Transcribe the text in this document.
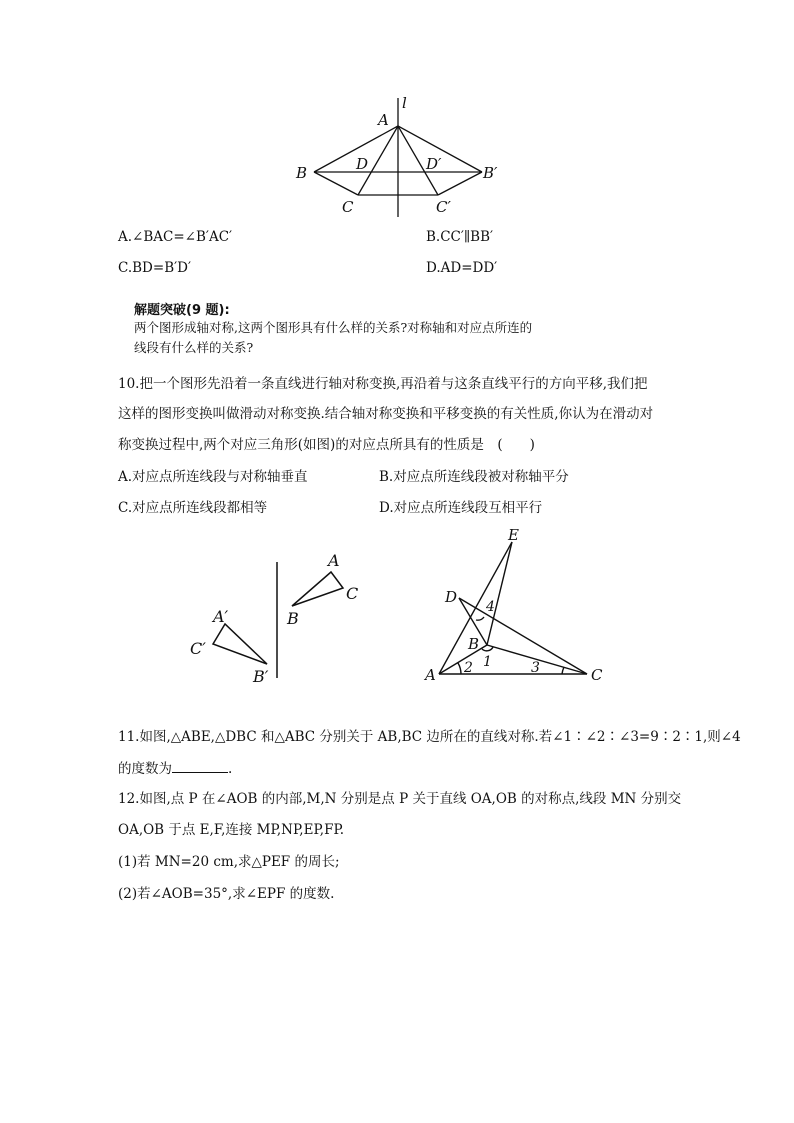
l
A
B	B′
C	C′
D	D′
A.∠BAC=∠B′AC′	B.CC′∥BB′
C.BD=B′D′	D.AD=DD′
解题突破(9 题):
两个图形成轴对称,这两个图形具有什么样的关系?对称轴和对应点所连的
线段有什么样的关系?
10.把一个图形先沿着一条直线进行轴对称变换,再沿着与这条直线平行的方向平移,我们把
这样的图形变换叫做滑动对称变换.结合轴对称变换和平移变换的有关性质,你认为在滑动对
称变换过程中,两个对应三角形(如图)的对应点所具有的性质是　(　　)
A.对应点所连线段与对称轴垂直	B.对应点所连线段被对称轴平分
C.对应点所连线段都相等	D.对应点所连线段互相平行
A
C
B
A′
C′
B′
E
D
B
A	C
1
2	3
4
11.如图,△ABE,△DBC 和△ABC 分别关于 AB,BC 边所在的直线对称.若∠1∶∠2∶∠3=9∶2∶1,则∠4
的度数为	.
12.如图,点 P 在∠AOB 的内部,M,N 分别是点 P 关于直线 OA,OB 的对称点,线段 MN 分别交
OA,OB 于点 E,F,连接 MP,NP,EP,FP.
(1)若 MN=20 cm,求△PEF 的周长;
(2)若∠AOB=35°,求∠EPF 的度数.
